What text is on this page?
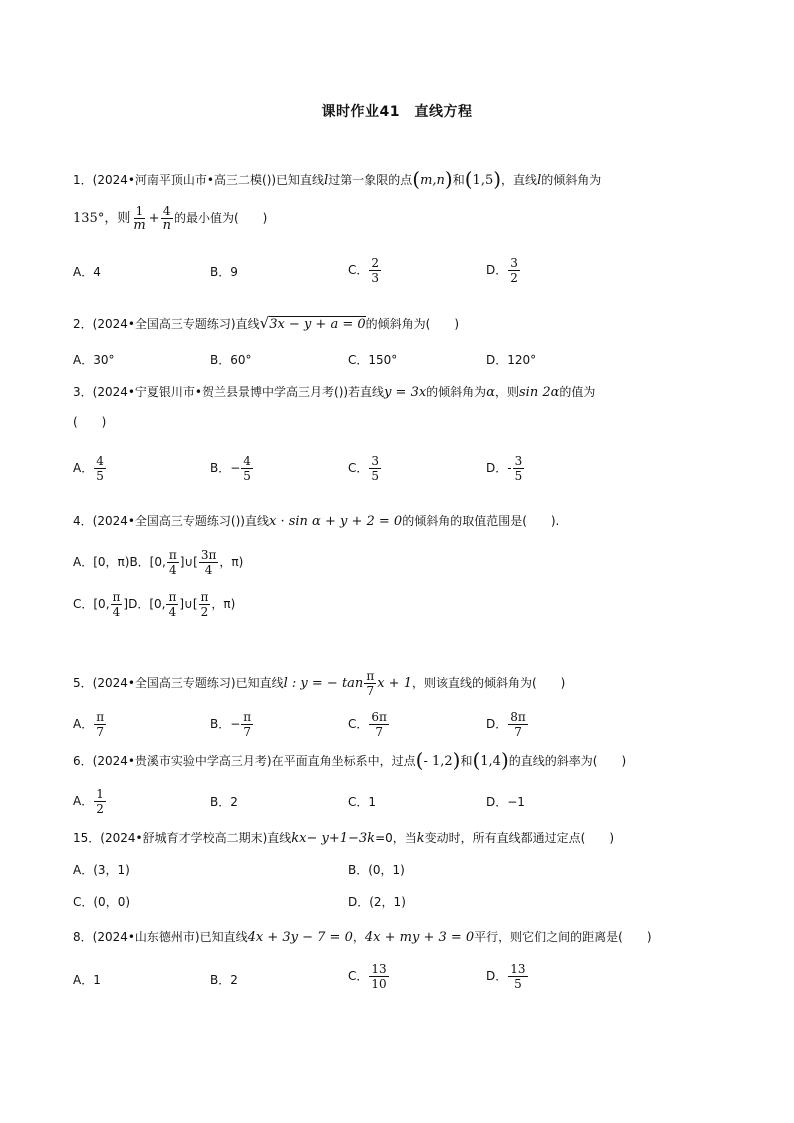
课时作业41　直线方程
1．(2024•河南平顶山市•高三二模())已知直线l过第一象限的点(m,n)和(1,5)，直线l的倾斜角为
135°，则 $\frac{1}{m} + \frac{4}{n}$ 的最小值为(　　)
A．4	B．9	C． $\frac{2}{3}$	D． $\frac{3}{2}$
2．(2024•全国高三专题练习)直线√3x − y + a = 0的倾斜角为(　　)
A．30°	B．60°	C．150°	D．120°
3．(2024•宁夏银川市•贺兰县景博中学高三月考())若直线y = 3x的倾斜角为α，则sin 2α的值为
(　　)
A． $\frac{4}{5}$	B．− $\frac{4}{5}$	C． $\frac{3}{5}$	D．- $\frac{3}{5}$
4．(2024•全国高三专题练习())直线x · sin α + y + 2 = 0的倾斜角的取值范围是(　　).
A．[0，π)B．[0, $\frac{\pi}{4}$ ]∪[ $\frac{3\pi}{4}$ ，π)
C．[0, $\frac{\pi}{4} ]D$．[0, $\frac{\pi}{4}$ ]∪[ $\frac{\pi}{2}$ ，π)
5．(2024•全国高三专题练习)已知直线l : y = − $\tan \frac{\pi}{7}$ x + 1，则该直线的倾斜角为(　　)
A． $\frac{\pi}{7}$	B．− $\frac{\pi}{7}$	C． $\frac{6\pi}{7}$	D． $\frac{8\pi}{7}$
6．(2024•贵溪市实验中学高三月考)在平面直角坐标系中，过点(- 1,2)和(1,4)的直线的斜率为(　　)
A． $\frac{1}{2}$	B．2	C．1	D．−1
15．(2024•舒城育才学校高二期末)直线kx− y+1−3k=0，当k变动时，所有直线都通过定点(　　)
A．(3，1)	B．(0，1)
C．(0，0)	D．(2，1)
8．(2024•山东德州市)已知直线4x + 3y − 7 = 0，4x + my + 3 = 0平行，则它们之间的距离是(　　)
A．1	B．2	C． $\frac{13}{10}$	D． $\frac{13}{5}$
